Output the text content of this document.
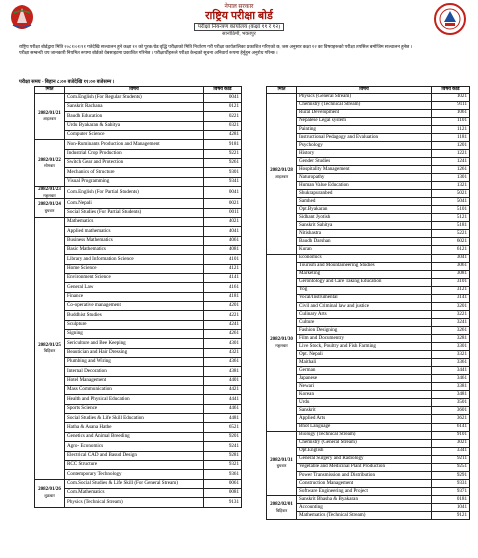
नेपाल सरकार
राष्ट्रिय परीक्षा बोर्ड
परीक्षा नियन्त्रण कार्यालय (कक्षा ११ र १२)
सानोठिमी, भक्तपुर

राष्ट्रिय परीक्षा बोर्डद्वारा मिति २०८१/०१/११ गतेदेखि सञ्चालन हुने कक्षा १२ को पूरक/ग्रेड वृद्धि परीक्षाको मिति निर्धारण गरी परीक्षा कार्यतालिका प्रकाशित गरिएको छ, जस अनुसार कक्षा १२ का विषयहरूको परीक्षा तपसिल बमोजिम सञ्चालन हुनेछ ।

परीक्षा सम्बन्धी थप जानकारी नियमित रूपमा बोर्डको वेबसाइटमा प्रकाशित गरिनेछ । परीक्षार्थीहरूले परीक्षा केन्द्रको सूचना अनिवार्य रूपमा हेर्नुहुन अनुरोध गरिन्छ ।

परीक्षा समय - बिहान ८:०० बजेदेखि ११:०० बजेसम्म ।
मिति	विषय	विषय कोड

2082/01/21
आइतबार	Com.English (For Regular Students)	0041
	Sanskrit Rachana	0121
	Baudh Education	0221
	Urdu Byakaran & Sahitya	0321
	Computer Science	4281

2082/01/22
सोमबार	Non-Ruminants Production and Management	9181
	Industrial Crop Production	9221
	Switch Gear and Protection	9261
	Mechanics of Structure	9301
	Visual Programming	9341

2082/01/23
मङ्गलबार	Com.English (For Partial Students)	0041

2082/01/24
बुधबार	Com.Nepali	0021
	Social Studies (For Partial Students)	0011

2082/01/25
बिहिबार	Mathematics	4021
	Applied mathematics	4041
	Business Mathematics	4061
	Basic Mathematics	4081
	Library and Information Science	4101
	Home Science	4121
	Environment Science	4141
	General Law	4161
	Finance	4181
	Co-operative management	4201
	Buddhist Studies	4221
	Sculpture	4241
	Signing	4261
	Sericulture and Bee Keeping	4301
	Beautician and Hair Dressing	4321
	Plumbing and Wiring	4361
	Internal Decoration	4381
	Hotel Management	4401
	Mass Communication	4421
	Health and Physical Education	4441
	Sports Science	4461
	Social Studies & Life Skill Education	4481
	Hatha & Asana Hathe	6521
	Genetics and Animal Breeding	9201
	Agro- Economics	9241
	Electrical CAD and Basud Design	9281
	RCC Structure	9321
	Contemporary Technology	9361

2082/01/26
शुक्रबार	Com.Social Studies & Life Skill (For General Stream)	0061
	Com.Mathematics	0081
	Physics (Technical Stream)	9131
मिति	विषय	विषय कोड

2082/01/28
आइतबार	Physics (General Stream)	1021
	Chemistry (Technical Stream)	9111
	Rural Development	1061
	Nepalese Legal system	1101
	Painting	1121
	Instructional Pedagogy and Evaluation	1181
	Psychology	1201
	History	1221
	Gender Studies	1241
	Hospitality Management	1261
	Naturopathy	1301
	Human Value Education	1321
	Shukrapuranbed	5021
	Samhed	5041
	Opt.Byakaran	5101
	Sidhant Jyotish	5121
	Sanskrit Sahitya	5181
	Nitishastra	5221
	Baudh Darshan	6021
	Kuran	6121

2082/01/30
मङ्गलबार	Economics	3041
	Tourism and Mountaineering Studies	3061
	Marketing	3081
	Gerontology and Care Taking Education	3101
	Yog	3121
	Vocal/Instrumental	3141
	Civil and Criminal law and justice	3201
	Culinary Arts	3221
	Culture	3241
	Fashion Designing	3261
	Film and Documentry	3281
	Live Stock, Poultry and Fish Farming	3301
	Opt. Nepali	3321
	Maithali	3361
	German	3441
	Japanese	3461
	Newari	3381
	Korean	3481
	Urdu	3501
	Sanskrit	3601
	Applied Arts	3621
	Bhot Language	6141

2082/01/31
बुधबार	Biology (Technical Stream)	9101
	Chemistry (General Stream)	3021
	Opt.English	3341
	General Surgery and Radiology	9211
	Vegetable and Medicinal Plant Production	9251
	Power Transmission and Distribution	9291
	Construction Management	9331
	Software Engineering and Project	9371

2082/02/01
बिहिबार	Sanskrit Bhasha & Byakaran	0181
	Accounting	1041
	Mathematics (Technical Stream)	9121
